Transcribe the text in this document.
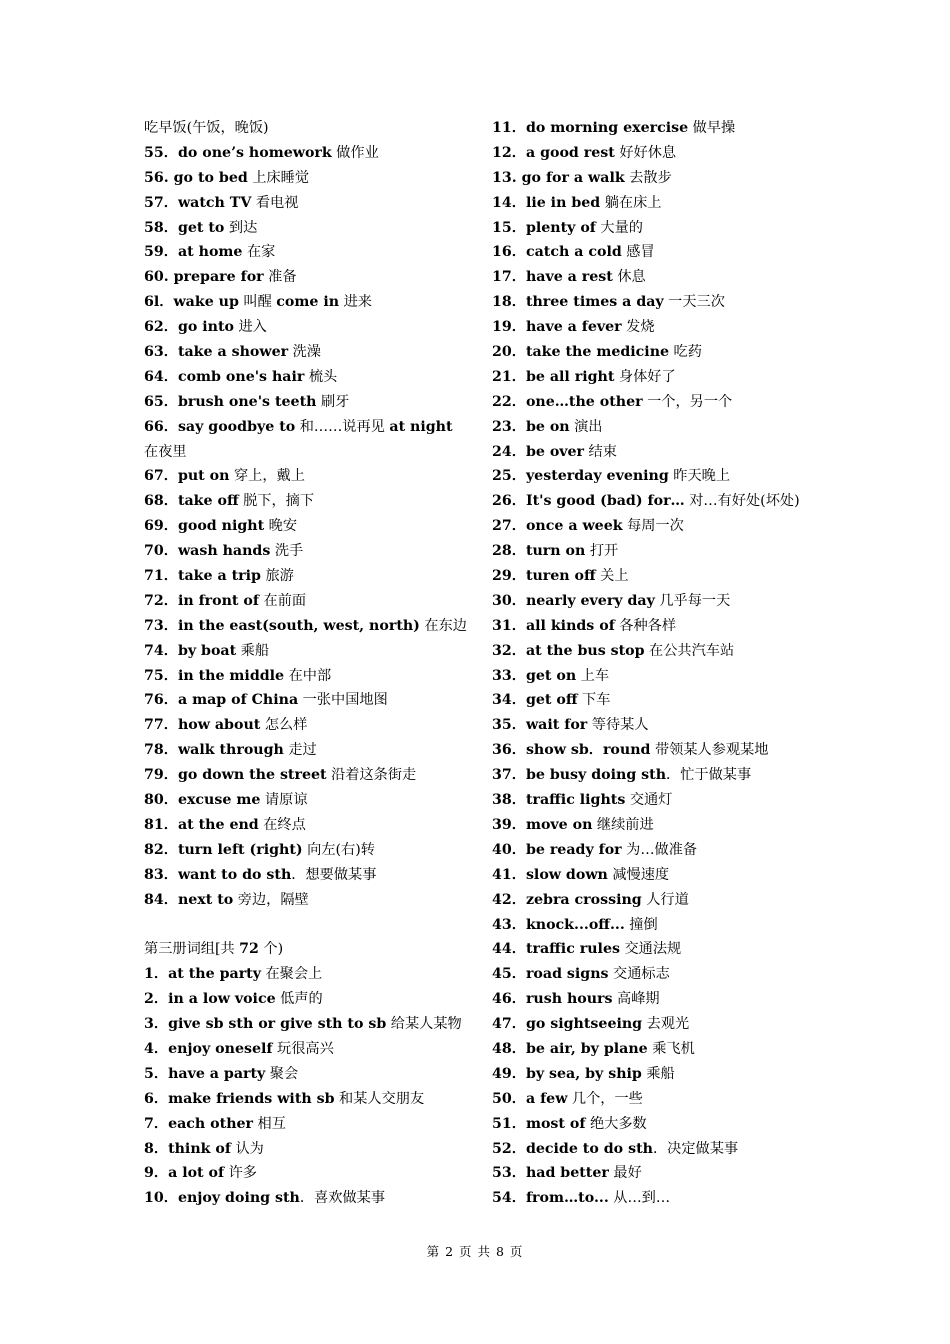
吃早饭(午饭，晚饭)
55．do one’s homework 做作业
56. go to bed 上床睡觉
57．watch TV 看电视
58．get to 到达
59．at home 在家
60. prepare for 准备
6l．wake up 叫醒 come in 进来
62．go into 进入
63．take a shower 洗澡
64．comb one's hair 梳头
65．brush one's teeth 刷牙
66．say goodbye to 和……说再见 at night
在夜里
67．put on 穿上，戴上
68．take off 脱下，摘下
69．good night 晚安
70．wash hands 洗手
71．take a trip 旅游
72．in front of 在前面
73．in the east(south, west, north) 在东边
74．by boat 乘船
75．in the middle 在中部
76．a map of China 一张中国地图
77．how about 怎么样
78．walk through 走过
79．go down the street 沿着这条街走
80．excuse me 请原谅
81．at the end 在终点
82．turn left (right) 向左(右)转
83．want to do sth．想要做某事
84．next to 旁边，隔壁
第三册词组[共 72 个)
1．at the party 在聚会上
2．in a low voice 低声的
3．give sb sth or give sth to sb 给某人某物
4．enjoy oneself 玩很高兴
5．have a party 聚会
6．make friends with sb 和某人交朋友
7．each other 相互
8．think of 认为
9．a lot of 许多
10．enjoy doing sth．喜欢做某事
11．do morning exercise 做早操
12．a good rest 好好休息
13. go for a walk 去散步
14．lie in bed 躺在床上
15．plenty of 大量的
16．catch a cold 感冒
17．have a rest 休息
18．three times a day 一天三次
19．have a fever 发烧
20．take the medicine 吃药
21．be all right 身体好了
22．one…the other 一个，另一个
23．be on 演出
24．be over 结束
25．yesterday evening 昨天晚上
26．It's good (bad) for… 对…有好处(坏处)
27．once a week 每周一次
28．turn on 打开
29．turen off 关上
30．nearly every day 几乎每一天
31．all kinds of 各种各样
32．at the bus stop 在公共汽车站
33．get on 上车
34．get off 下车
35．wait for 等待某人
36．show sb．round 带领某人参观某地
37．be busy doing sth．忙于做某事
38．traffic lights 交通灯
39．move on 继续前进
40．be ready for 为…做准备
41．slow down 减慢速度
42．zebra crossing 人行道
43．knock...off... 撞倒
44．traffic rules 交通法规
45．road signs 交通标志
46．rush hours 高峰期
47．go sightseeing 去观光
48．be air, by plane 乘飞机
49．by sea, by ship 乘船
50．a few 几个，一些
51．most of 绝大多数
52．decide to do sth．决定做某事
53．had better 最好
54．from…to... 从…到…
第 2 页 共 8 页
